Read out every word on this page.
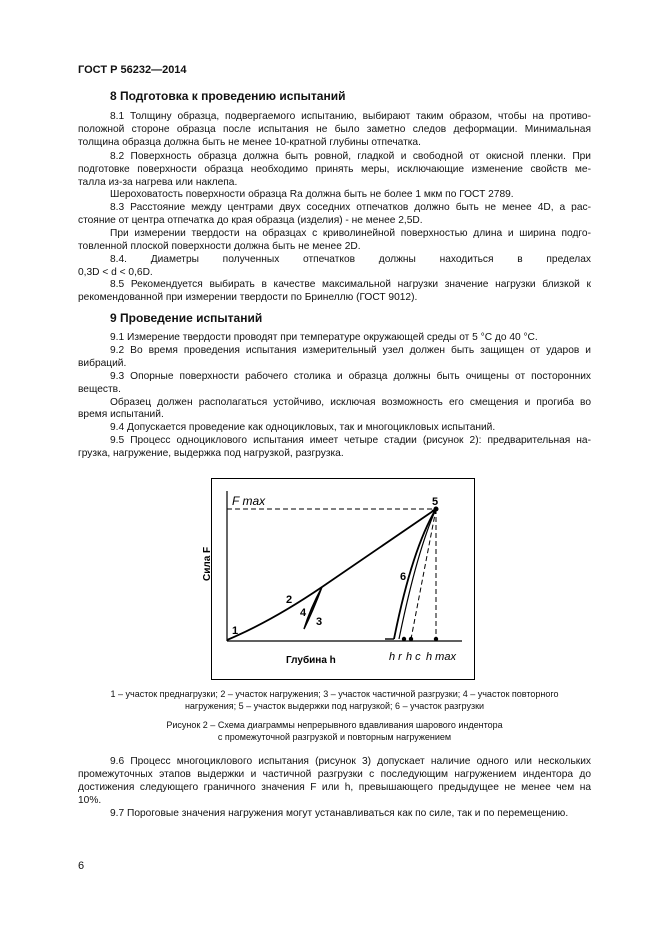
ГОСТ Р 56232—2014
8 Подготовка к проведению испытаний
8.1 Толщину образца, подвергаемого испытанию, выбирают таким образом, чтобы на противо-
положной стороне образца после испытания не было заметно следов деформации. Минимальная
толщина образца должна быть не менее 10-кратной глубины отпечатка.
8.2 Поверхность образца должна быть ровной, гладкой и свободной от окисной пленки. При
подготовке поверхности образца необходимо принять меры, исключающие изменение свойств ме-
талла из-за нагрева или наклепа.
Шероховатость поверхности образца Ra должна быть не более 1 мкм по ГОСТ 2789.
8.3 Расстояние между центрами двух соседних отпечатков должно быть не менее 4D, а рас-
стояние от центра отпечатка до края образца (изделия) - не менее 2,5D.
При измерении твердости на образцах с криволинейной поверхностью длина и ширина подго-
товленной плоской поверхности должна быть не менее 2D.
8.4. Диаметры полученных отпечатков должны находиться в пределах
0,3D < d < 0,6D.
8.5 Рекомендуется выбирать в качестве максимальной нагрузки значение нагрузки близкой к
рекомендованной при измерении твердости по Бринеллю (ГОСТ 9012).
9 Проведение испытаний
9.1 Измерение твердости проводят при температуре окружающей среды от 5 °С до 40 °С.
9.2 Во время проведения испытания измерительный узел должен быть защищен от ударов и
вибраций.
9.3 Опорные поверхности рабочего столика и образца должны быть очищены от посторонних
веществ.
Образец должен располагаться устойчиво, исключая возможность его смещения и прогиба во
время испытаний.
9.4 Допускается проведение как одноцикловых, так и многоцикловых испытаний.
9.5 Процесс одноциклового испытания имеет четыре стадии (рисунок 2): предварительная на-
грузка, нагружение, выдержка под нагрузкой, разгрузка.
F max	5
1
2
3
4
6
h r h c h max
Глубина h
Сила F
1 – участок преднагрузки; 2 – участок нагружения; 3 – участок частичной разгрузки; 4 – участок повторного
нагружения; 5 – участок выдержки под нагрузкой; 6 – участок разгрузки
Рисунок 2 – Схема диаграммы непрерывного вдавливания шарового индентора
с промежуточной разгрузкой и повторным нагружением
9.6 Процесс многоциклового испытания (рисунок 3) допускает наличие одного или нескольких
промежуточных этапов выдержки и частичной разгрузки с последующим нагружением индентора до
достижения следующего граничного значения F или h, превышающего предыдущее не менее чем на
10%.
9.7 Пороговые значения нагружения могут устанавливаться как по силе, так и по перемещению.
6
